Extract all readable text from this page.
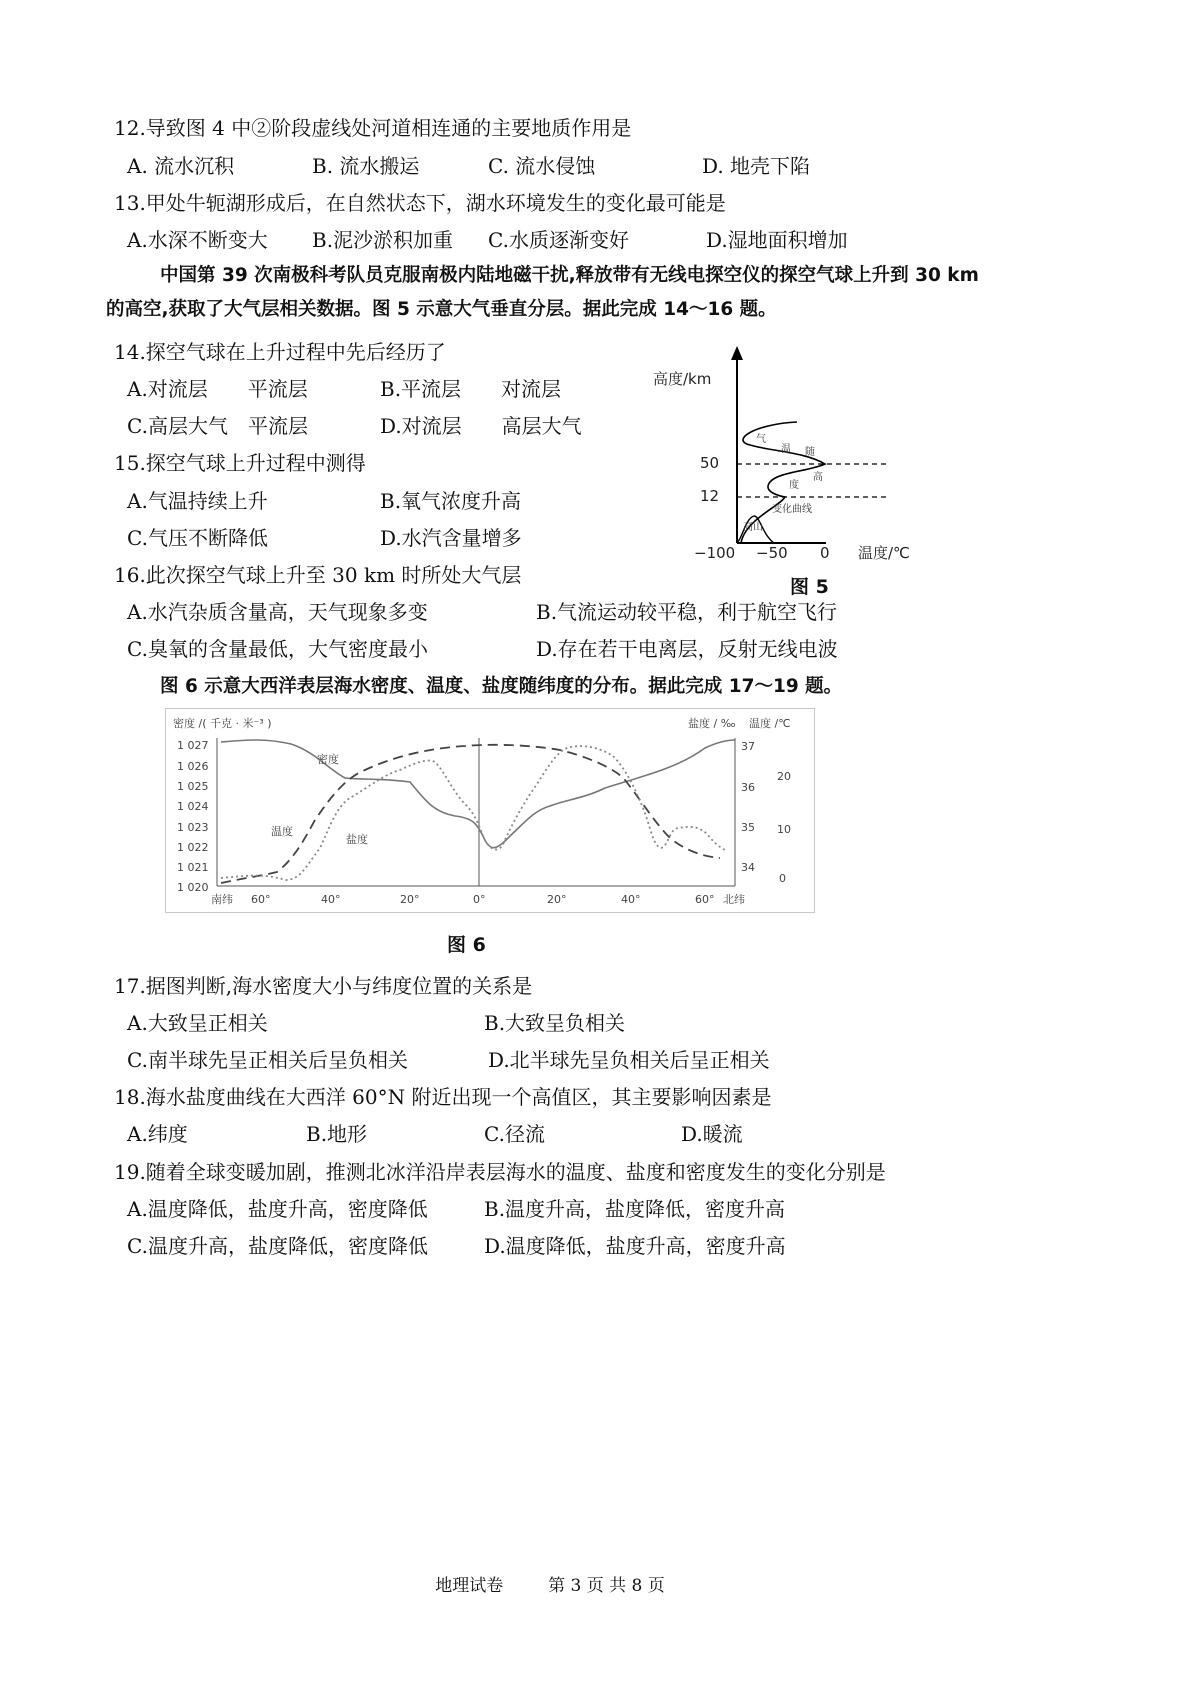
12.导致图 4 中②阶段虚线处河道相连通的主要地质作用是
A. 流水沉积	B. 流水搬运	C. 流水侵蚀	D. 地壳下陷
13.甲处牛轭湖形成后，在自然状态下，湖水环境发生的变化最可能是
A.水深不断变大 B.泥沙淤积加重 C.水质逐渐变好	D.湿地面积增加
中国第 39 次南极科考队员克服南极内陆地磁干扰,释放带有无线电探空仪的探空气球上升到 30 km
的高空,获取了大气层相关数据。图 5 示意大气垂直分层。据此完成 14～16 题。
14.探空气球在上升过程中先后经历了
A.对流层　　平流层	B.平流层　　对流层
C.高层大气　平流层	D.对流层　　高层大气
15.探空气球上升过程中测得
A.气温持续上升	B.氧气浓度升高
C.气压不断降低	D.水汽含量增多
16.此次探空气球上升至 30 km 时所处大气层
A.水汽杂质含量高，天气现象多变	B.气流运动较平稳，利于航空飞行
C.臭氧的含量最低，大气密度最小	D.存在若干电离层，反射无线电波
高度/km
50
12
−100 −50 0 温度/℃
气
温 随
高
度
变化曲线
高山
图 5
图 6 示意大西洋表层海水密度、温度、盐度随纬度的分布。据此完成 17～19 题。
密度 /( 千克 · 米⁻³ )	盐度 / ‰ 温度 /℃
1 027
1 026
1 025
1 024
1 023
1 022
1 021
1 020
37
36
35
34
20
10
0
南纬 60°	40°	20°	0°	20°	40°	60° 北纬
密度
温度
盐度
图 6
17.据图判断,海水密度大小与纬度位置的关系是
A.大致呈正相关	B.大致呈负相关
C.南半球先呈正相关后呈负相关	D.北半球先呈负相关后呈正相关
18.海水盐度曲线在大西洋 60°N 附近出现一个高值区，其主要影响因素是
A.纬度	B.地形	C.径流	D.暖流
19.随着全球变暖加剧，推测北冰洋沿岸表层海水的温度、盐度和密度发生的变化分别是
A.温度降低，盐度升高，密度降低	B.温度升高，盐度降低，密度升高
C.温度升高，盐度降低，密度降低	D.温度降低，盐度升高，密度升高
地理试卷	第 3 页 共 8 页
